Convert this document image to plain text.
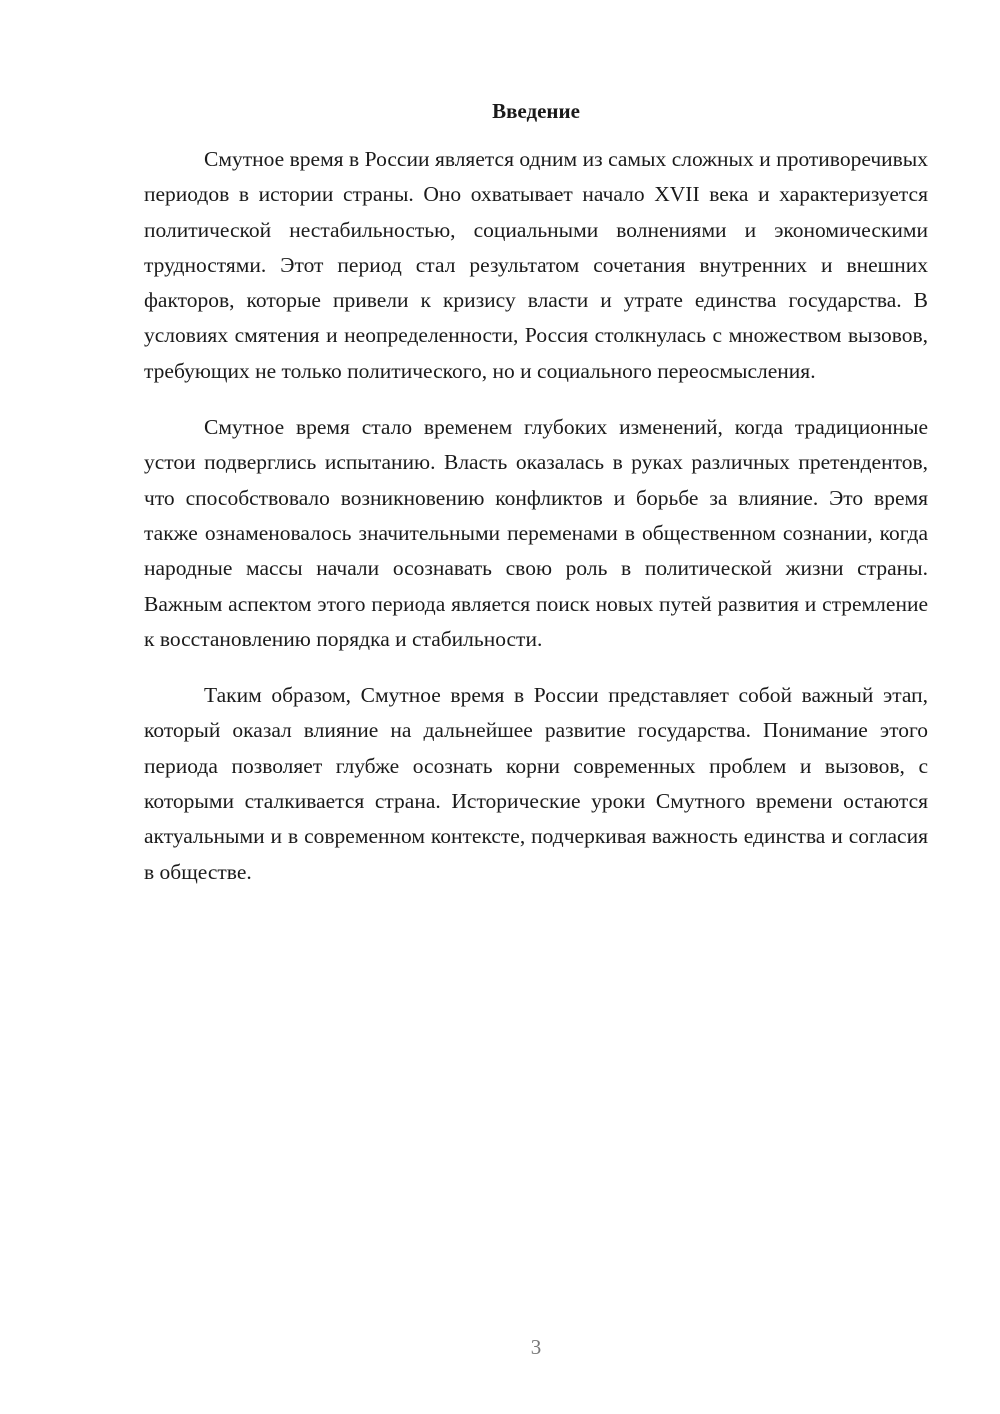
Введение

Смутное время в России является одним из самых сложных и противоречивых периодов в истории страны. Оно охватывает начало XVII века и характеризуется политической нестабильностью, социальными волнениями и экономическими трудностями. Этот период стал результатом сочетания внутренних и внешних факторов, которые привели к кризису власти и утрате единства государства. В условиях смятения и неопределенности, Россия столкнулась с множеством вызовов, требующих не только политического, но и социального переосмысления.

Смутное время стало временем глубоких изменений, когда традиционные устои подверглись испытанию. Власть оказалась в руках различных претендентов, что способствовало возникновению конфликтов и борьбе за влияние. Это время также ознаменовалось значительными переменами в общественном сознании, когда народные массы начали осознавать свою роль в политической жизни страны. Важным аспектом этого периода является поиск новых путей развития и стремление к восстановлению порядка и стабильности.

Таким образом, Смутное время в России представляет собой важный этап, который оказал влияние на дальнейшее развитие государства. Понимание этого периода позволяет глубже осознать корни современных проблем и вызовов, с которыми сталкивается страна. Исторические уроки Смутного времени остаются актуальными и в современном контексте, подчеркивая важность единства и согласия в обществе.

3
